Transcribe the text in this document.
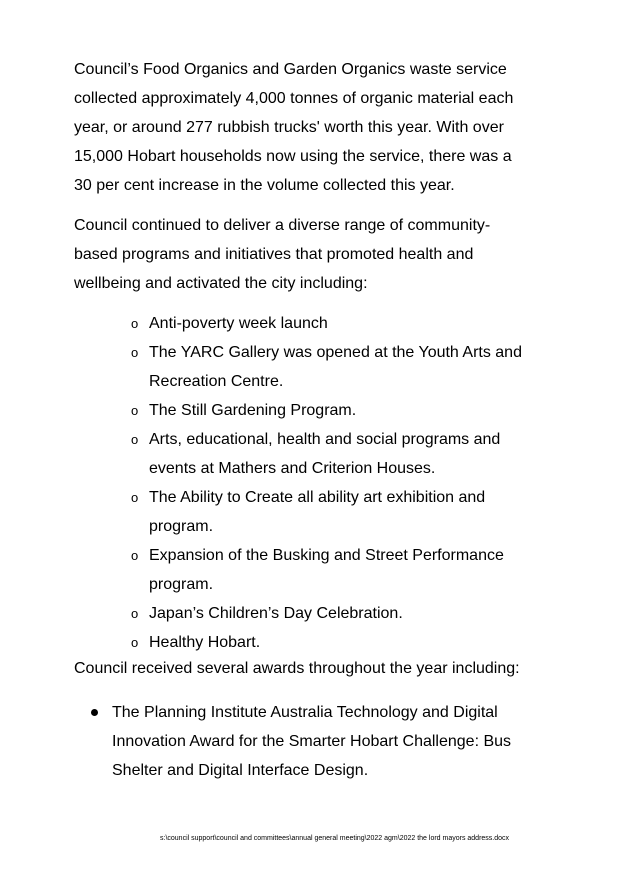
Council’s Food Organics and Garden Organics waste service
collected approximately 4,000 tonnes of organic material each
year, or around 277 rubbish trucks' worth this year. With over
15,000 Hobart households now using the service, there was a
30 per cent increase in the volume collected this year.

Council continued to deliver a diverse range of community-
based programs and initiatives that promoted health and
wellbeing and activated the city including:

o Anti-poverty week launch
o The YARC Gallery was opened at the Youth Arts and
Recreation Centre.
o The Still Gardening Program.
o Arts, educational, health and social programs and
events at Mathers and Criterion Houses.
o The Ability to Create all ability art exhibition and
program.
o Expansion of the Busking and Street Performance
program.
o Japan’s Children’s Day Celebration.
o Healthy Hobart.

Council received several awards throughout the year including:

The Planning Institute Australia Technology and Digital
Innovation Award for the Smarter Hobart Challenge: Bus
Shelter and Digital Interface Design.
s:\council support\council and committees\annual general meeting\2022 agm\2022 the lord mayors address.docx
